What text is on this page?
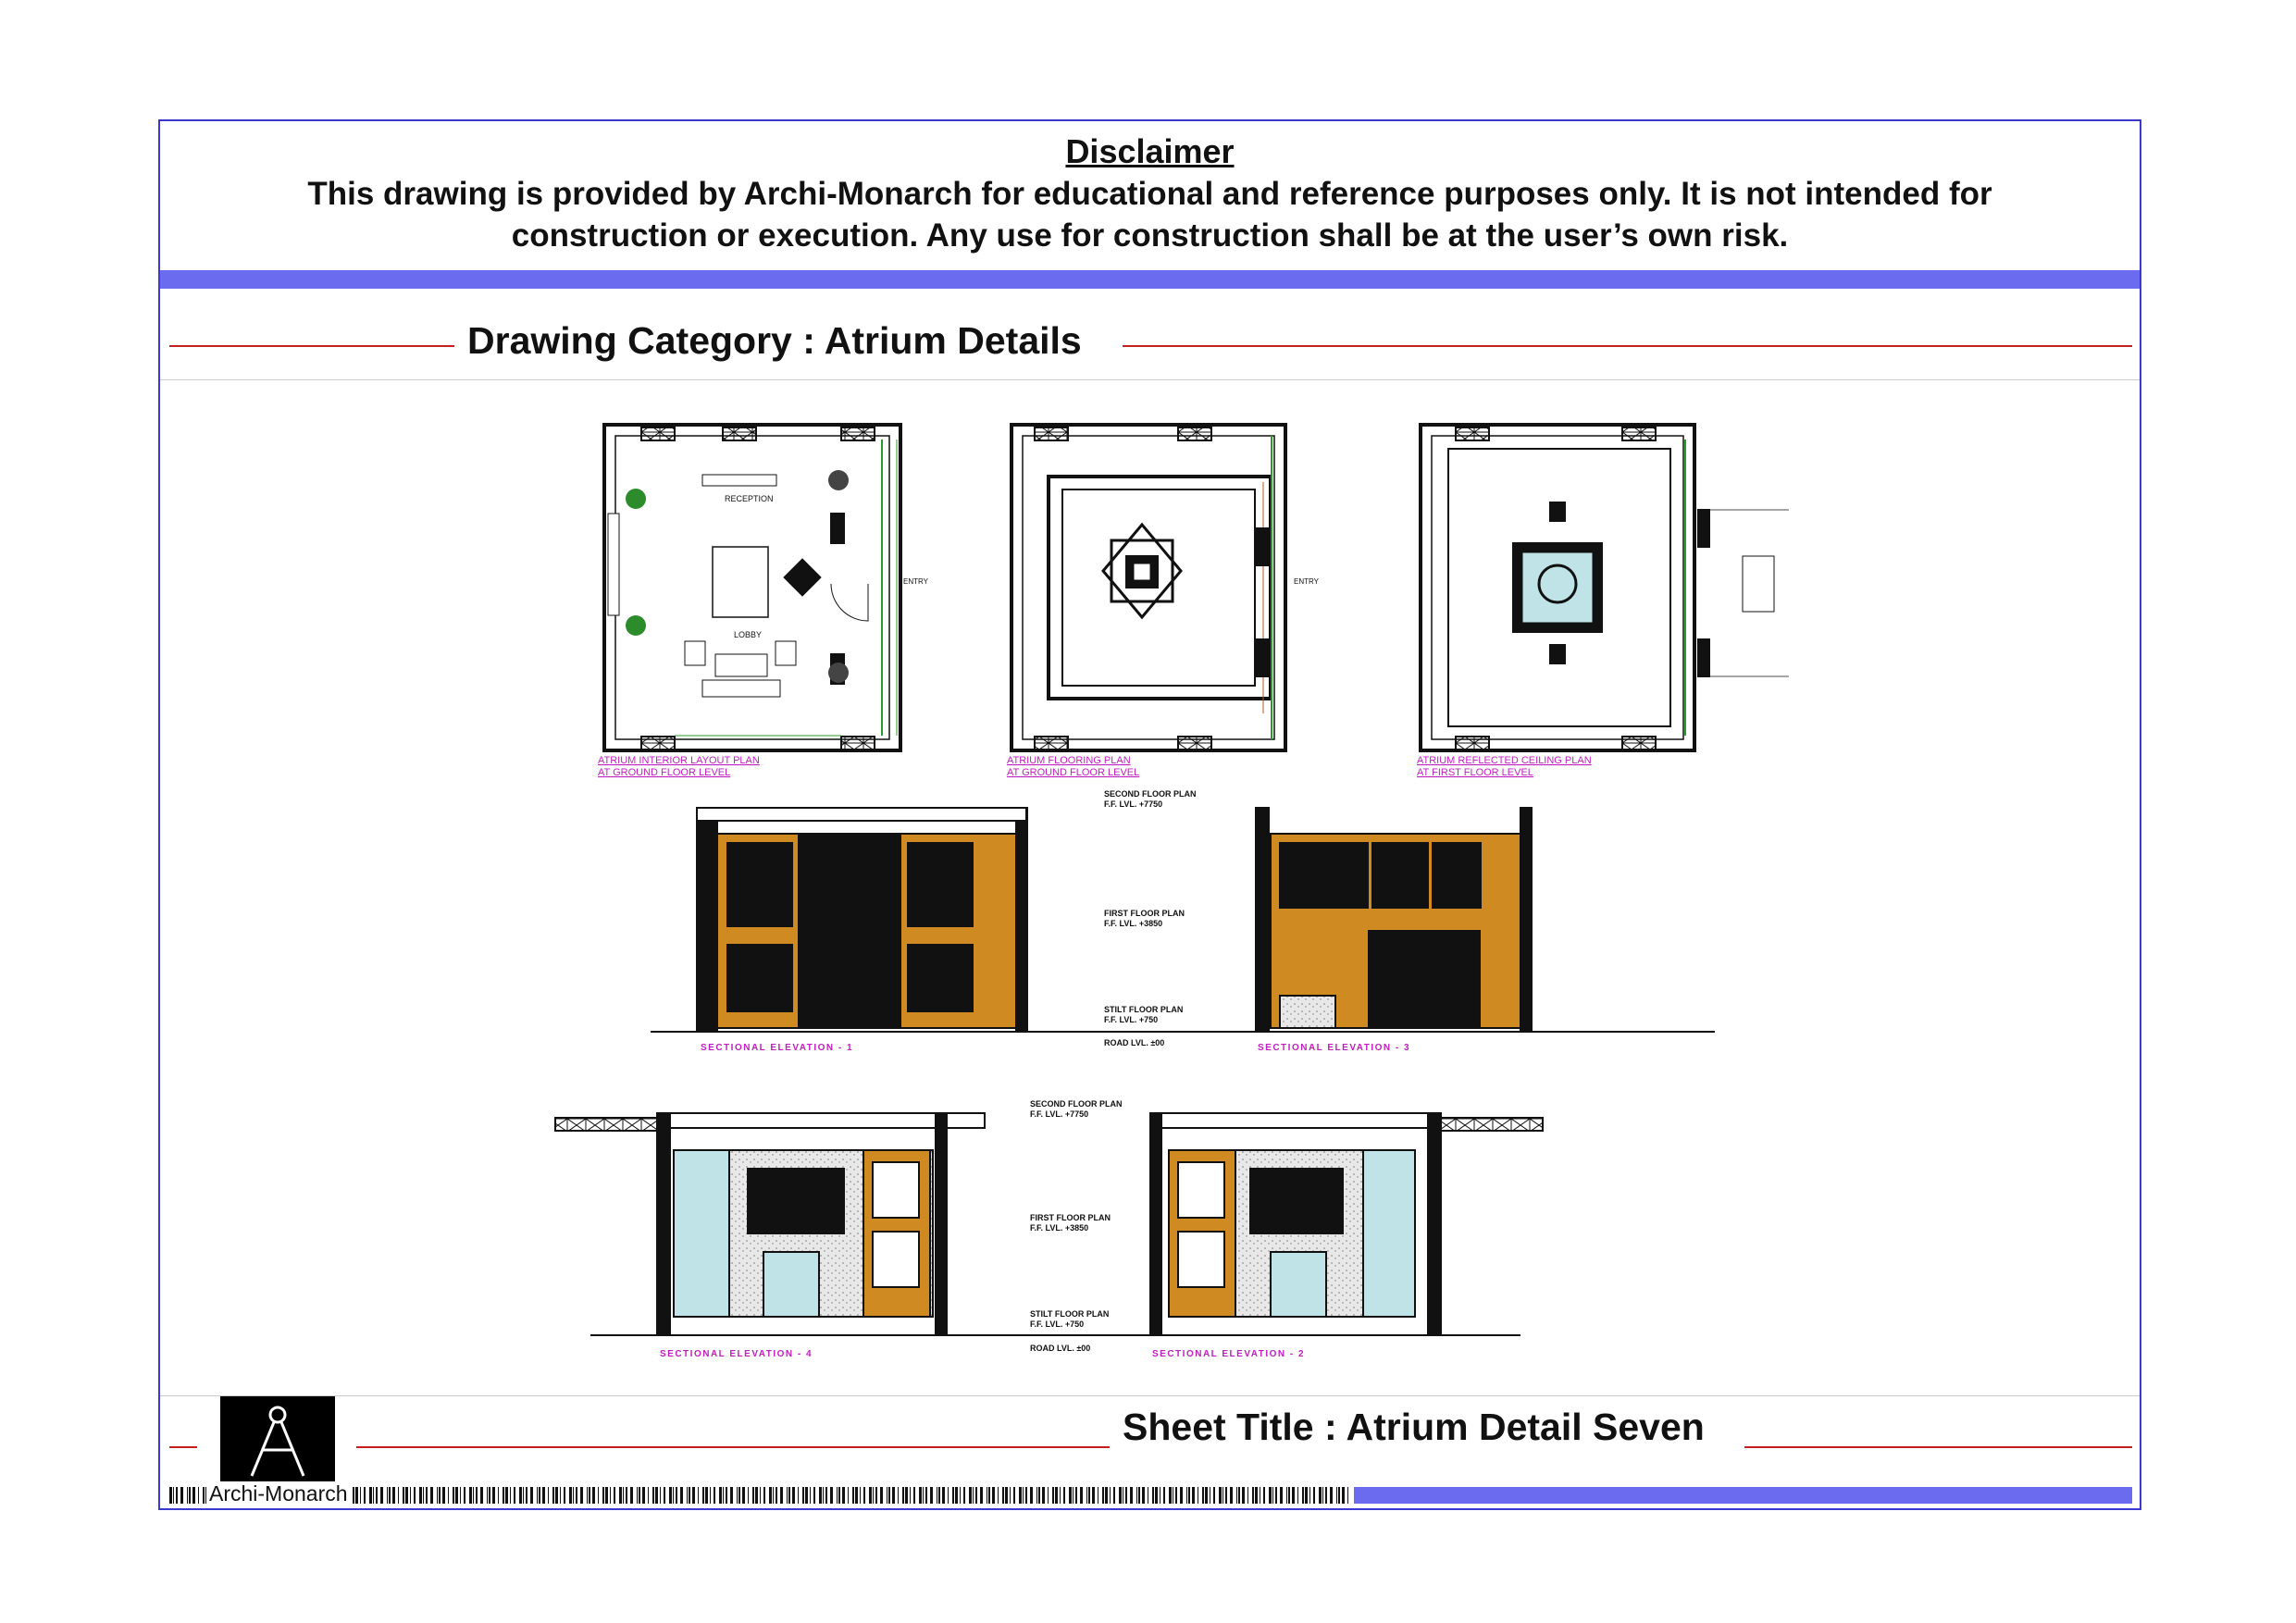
Disclaimer
This drawing is provided by Archi-Monarch for educational and reference purposes only. It is not intended for
construction or execution. Any use for construction shall be at the user’s own risk.
Drawing Category : Atrium Details
RECEPTION
LOBBY
ENTRY
ATRIUM INTERIOR LAYOUT PLAN
AT GROUND FLOOR LEVEL
ENTRY
ATRIUM FLOORING PLAN
AT GROUND FLOOR LEVEL
ATRIUM REFLECTED CEILING PLAN
AT FIRST FLOOR LEVEL
SECOND FLOOR PLAN
F.F. LVL. +7750
FIRST FLOOR PLAN
F.F. LVL. +3850
STILT FLOOR PLAN
F.F. LVL. +750
ROAD LVL. ±00
SECTIONAL ELEVATION - 1	SECTIONAL ELEVATION - 3
SECOND FLOOR PLAN
F.F. LVL. +7750
FIRST FLOOR PLAN
F.F. LVL. +3850
STILT FLOOR PLAN
F.F. LVL. +750
ROAD LVL. ±00
SECTIONAL ELEVATION - 4	SECTIONAL ELEVATION - 2
Sheet Title : Atrium Detail Seven
Archi-Monarch
